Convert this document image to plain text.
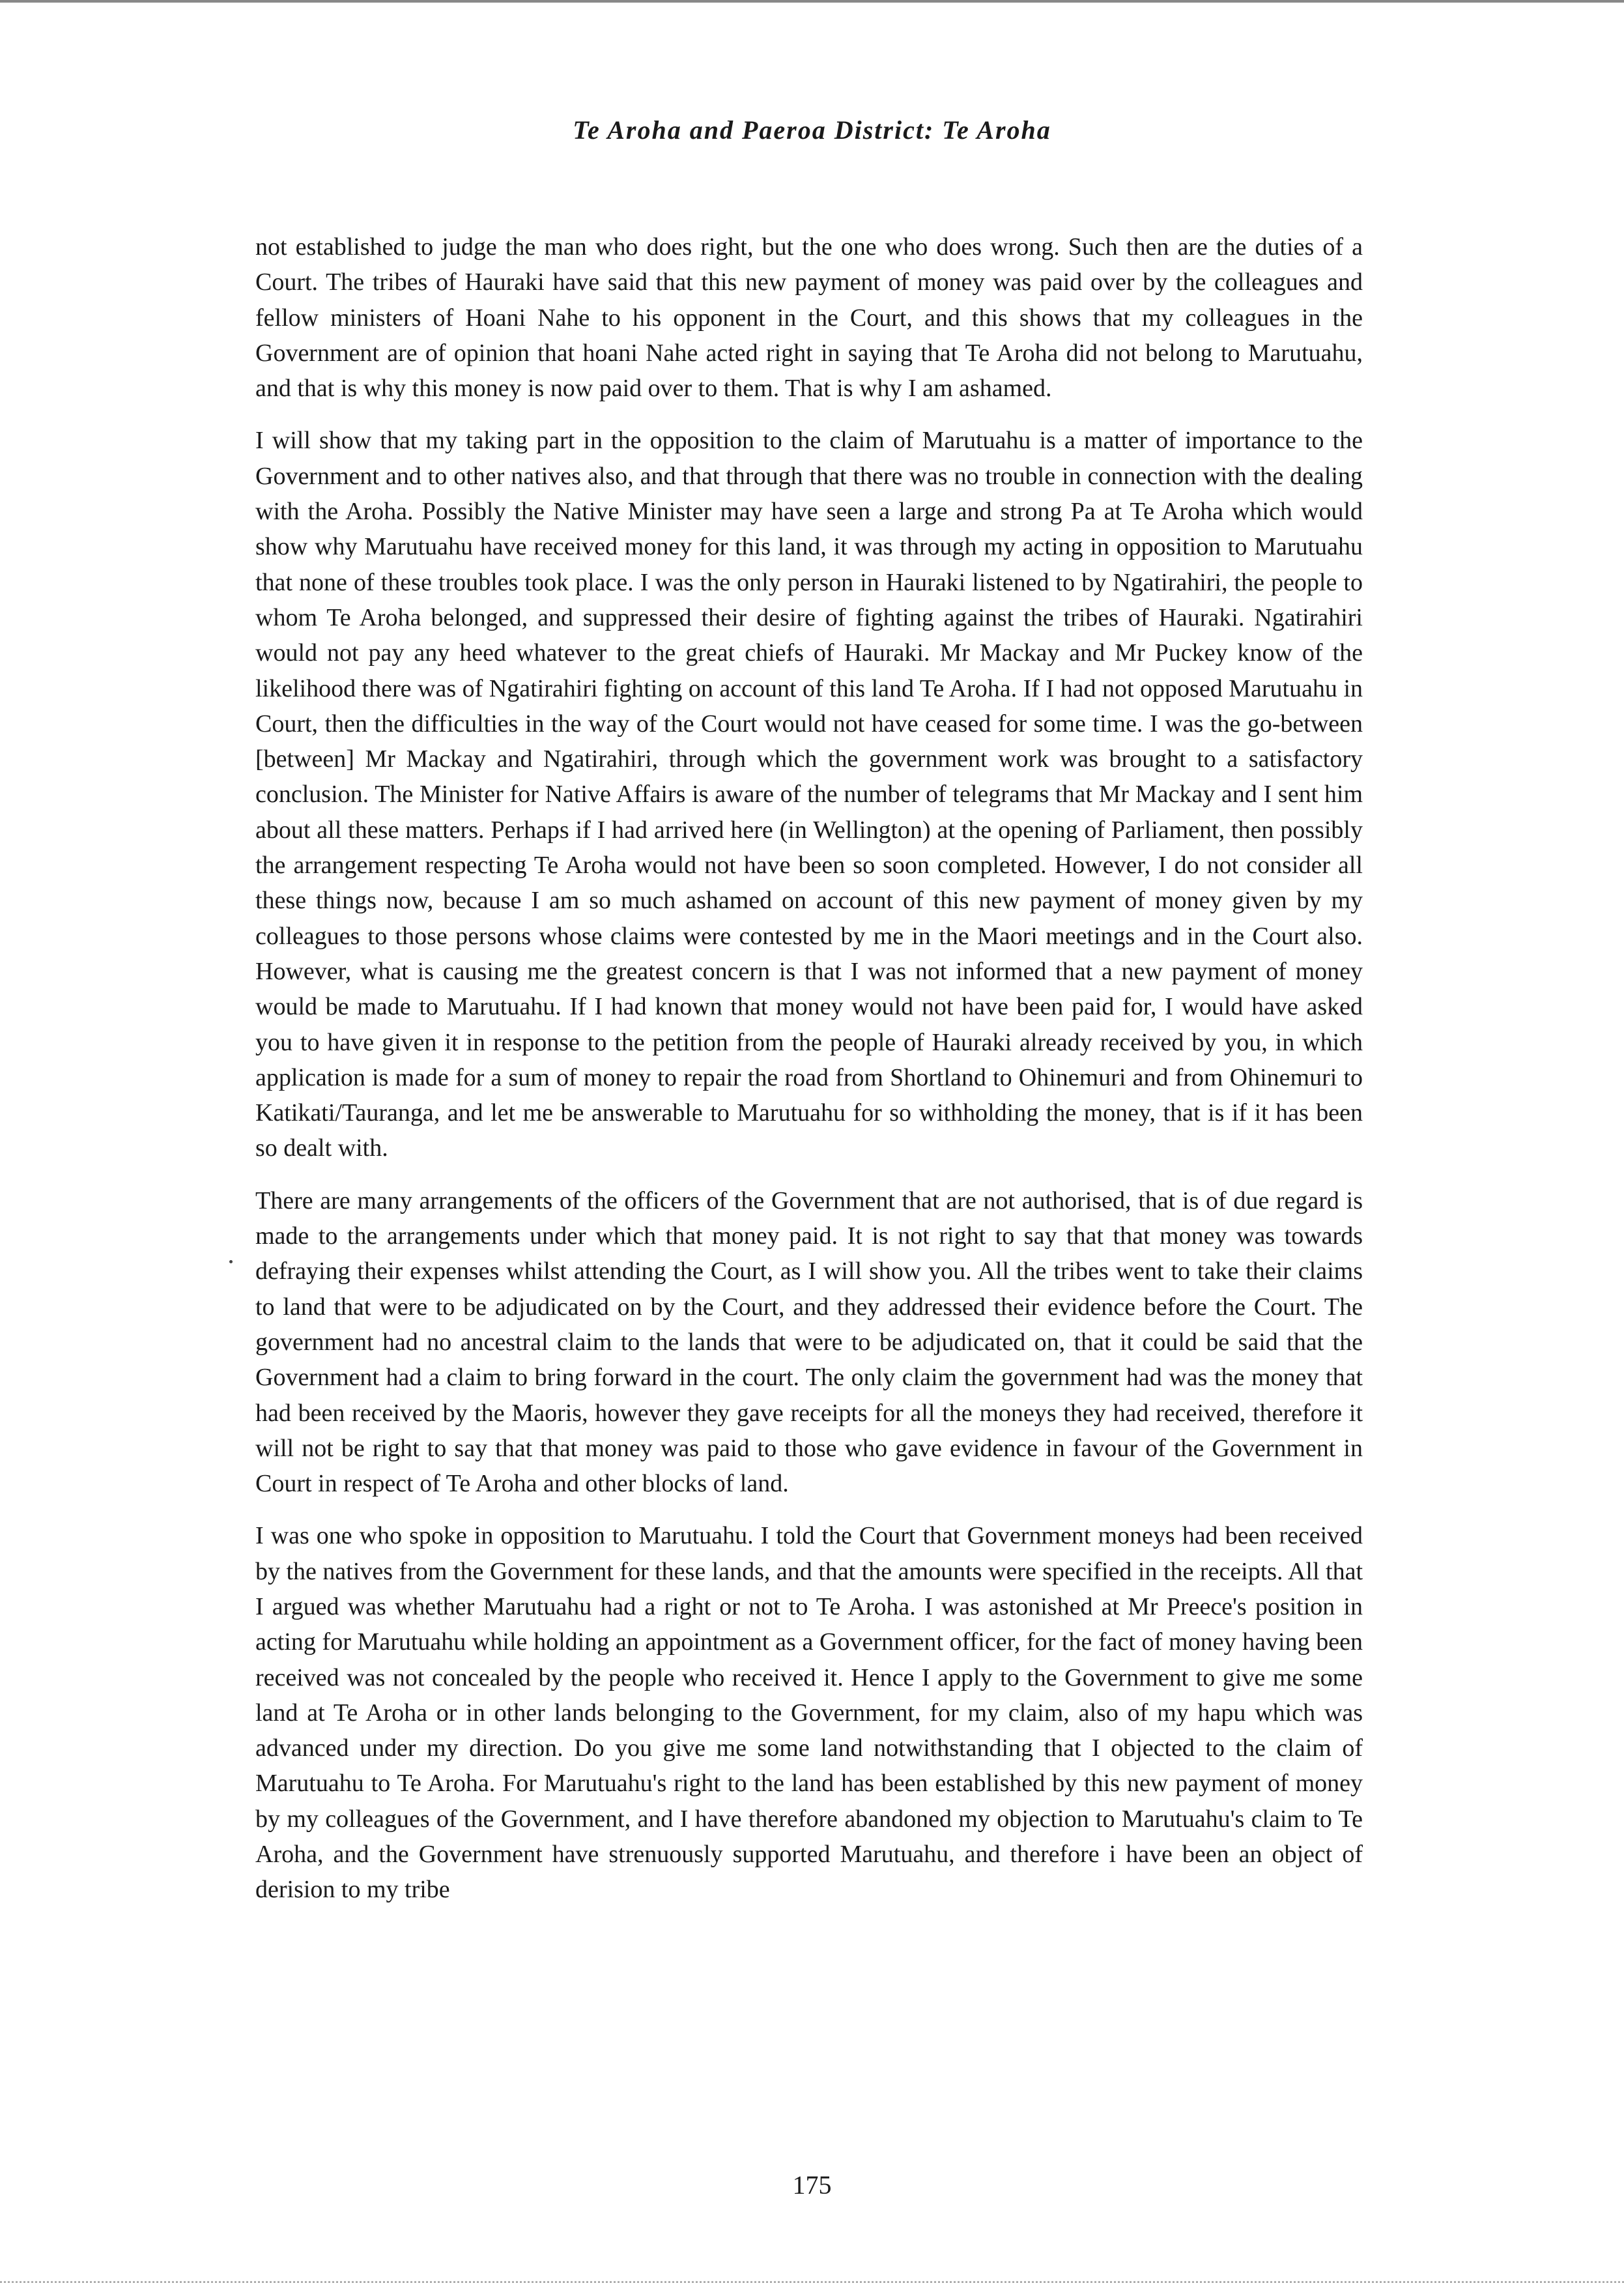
Te Aroha and Paeroa District: Te Aroha

not established to judge the man who does right, but the one who does wrong. Such then are the duties of a Court. The tribes of Hauraki have said that this new payment of money was paid over by the colleagues and fellow ministers of Hoani Nahe to his opponent in the Court, and this shows that my colleagues in the Government are of opinion that hoani Nahe acted right in saying that Te Aroha did not belong to Marutuahu, and that is why this money is now paid over to them. That is why I am ashamed.

I will show that my taking part in the opposition to the claim of Marutuahu is a matter of importance to the Government and to other natives also, and that through that there was no trouble in connection with the dealing with the Aroha. Possibly the Native Minister may have seen a large and strong Pa at Te Aroha which would show why Marutuahu have received money for this land, it was through my acting in opposition to Marutuahu that none of these troubles took place. I was the only person in Hauraki listened to by Ngatirahiri, the people to whom Te Aroha belonged, and suppressed their desire of fighting against the tribes of Hauraki. Ngatirahiri would not pay any heed whatever to the great chiefs of Hauraki. Mr Mackay and Mr Puckey know of the likelihood there was of Ngatirahiri fighting on account of this land Te Aroha. If I had not opposed Marutuahu in Court, then the difficulties in the way of the Court would not have ceased for some time. I was the go-between [between] Mr Mackay and Ngatirahiri, through which the government work was brought to a satisfactory conclusion. The Minister for Native Affairs is aware of the number of telegrams that Mr Mackay and I sent him about all these matters. Perhaps if I had arrived here (in Wellington) at the opening of Parliament, then possibly the arrangement respecting Te Aroha would not have been so soon completed. However, I do not consider all these things now, because I am so much ashamed on account of this new payment of money given by my colleagues to those persons whose claims were contested by me in the Maori meetings and in the Court also. However, what is causing me the greatest concern is that I was not informed that a new payment of money would be made to Marutuahu. If I had known that money would not have been paid for, I would have asked you to have given it in response to the petition from the people of Hauraki already received by you, in which application is made for a sum of money to repair the road from Shortland to Ohinemuri and from Ohinemuri to Katikati/Tauranga, and let me be answerable to Marutuahu for so withholding the money, that is if it has been so dealt with.

There are many arrangements of the officers of the Government that are not authorised, that is of due regard is made to the arrangements under which that money paid. It is not right to say that that money was towards defraying their expenses whilst attending the Court, as I will show you. All the tribes went to take their claims to land that were to be adjudicated on by the Court, and they addressed their evidence before the Court. The government had no ancestral claim to the lands that were to be adjudicated on, that it could be said that the Government had a claim to bring forward in the court. The only claim the government had was the money that had been received by the Maoris, however they gave receipts for all the moneys they had received, therefore it will not be right to say that that money was paid to those who gave evidence in favour of the Government in Court in respect of Te Aroha and other blocks of land.

I was one who spoke in opposition to Marutuahu. I told the Court that Government moneys had been received by the natives from the Government for these lands, and that the amounts were specified in the receipts. All that I argued was whether Marutuahu had a right or not to Te Aroha. I was astonished at Mr Preece's position in acting for Marutuahu while holding an appointment as a Government officer, for the fact of money having been received was not concealed by the people who received it. Hence I apply to the Government to give me some land at Te Aroha or in other lands belonging to the Government, for my claim, also of my hapu which was advanced under my direction. Do you give me some land notwithstanding that I objected to the claim of Marutuahu to Te Aroha. For Marutuahu's right to the land has been established by this new payment of money by my colleagues of the Government, and I have therefore abandoned my objection to Marutuahu's claim to Te Aroha, and the Government have strenuously supported Marutuahu, and therefore i have been an object of derision to my tribe

175
